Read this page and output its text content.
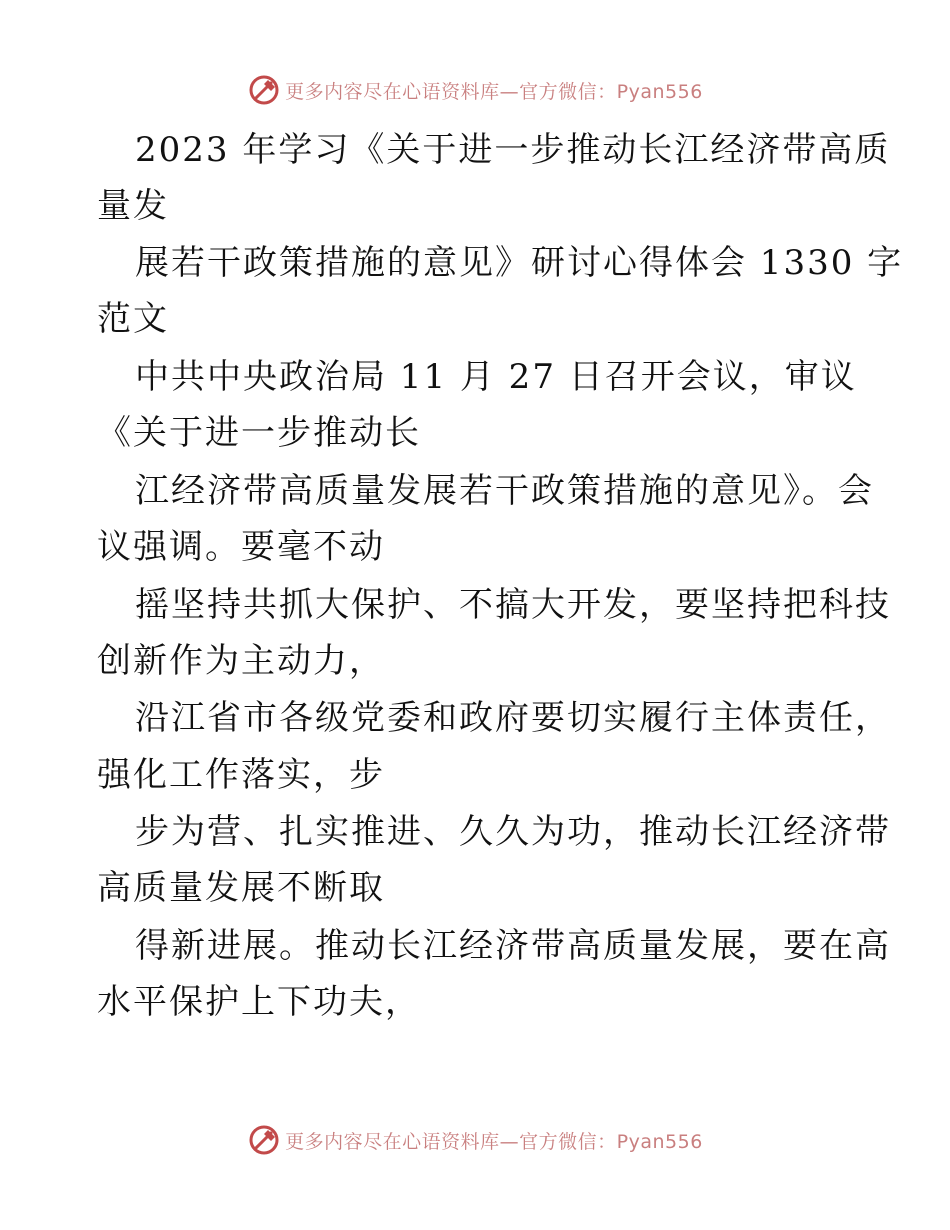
更多内容尽在心语资料库—官方微信：Pyan556
2023 年学习《关于进一步推动长江经济带高质
量发
展若干政策措施的意见》研讨心得体会 1330 字
范文
中共中央政治局 11 月 27 日召开会议，审议
《关于进一步推动长
江经济带高质量发展若干政策措施的意见》。会
议强调。要毫不动
摇坚持共抓大保护、不搞大开发，要坚持把科技
创新作为主动力，
沿江省市各级党委和政府要切实履行主体责任，
强化工作落实，步
步为营、扎实推进、久久为功，推动长江经济带
高质量发展不断取
得新进展。推动长江经济带高质量发展，要在高
水平保护上下功夫，
更多内容尽在心语资料库—官方微信：Pyan556
